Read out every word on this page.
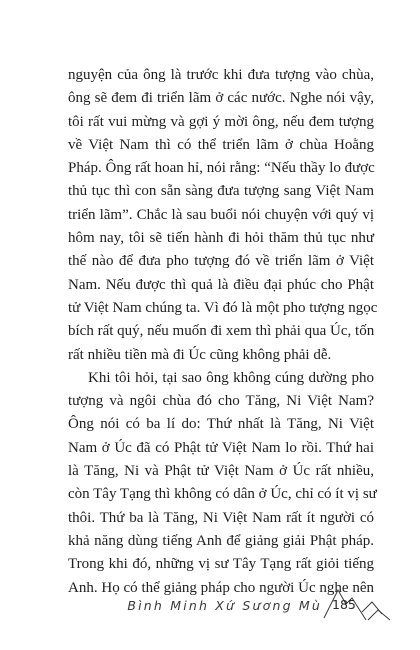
nguyện của ông là trước khi đưa tượng vào chùa,
ông sẽ đem đi triển lãm ở các nước. Nghe nói vậy,
tôi rất vui mừng và gợi ý mời ông, nếu đem tượng
về Việt Nam thì có thể triển lãm ở chùa Hoằng
Pháp. Ông rất hoan hỉ, nói rằng: “Nếu thầy lo được
thủ tục thì con sẵn sàng đưa tượng sang Việt Nam
triển lãm”. Chắc là sau buổi nói chuyện với quý vị
hôm nay, tôi sẽ tiến hành đi hỏi thăm thủ tục như
thế nào để đưa pho tượng đó về triển lãm ở Việt
Nam. Nếu được thì quả là điều đại phúc cho Phật
tử Việt Nam chúng ta. Vì đó là một pho tượng ngọc
bích rất quý, nếu muốn đi xem thì phải qua Úc, tốn
rất nhiều tiền mà đi Úc cũng không phải dễ.
Khi tôi hỏi, tại sao ông không cúng dường pho
tượng và ngôi chùa đó cho Tăng, Ni Việt Nam?
Ông nói có ba lí do: Thứ nhất là Tăng, Ni Việt
Nam ở Úc đã có Phật tử Việt Nam lo rồi. Thứ hai
là Tăng, Ni và Phật tử Việt Nam ở Úc rất nhiều,
còn Tây Tạng thì không có dân ở Úc, chỉ có ít vị sư
thôi. Thứ ba là Tăng, Ni Việt Nam rất ít người có
khả năng dùng tiếng Anh để giảng giải Phật pháp.
Trong khi đó, những vị sư Tây Tạng rất giỏi tiếng
Anh. Họ có thể giảng pháp cho người Úc nghe nên
Bình Minh Xứ Sương Mù 185
